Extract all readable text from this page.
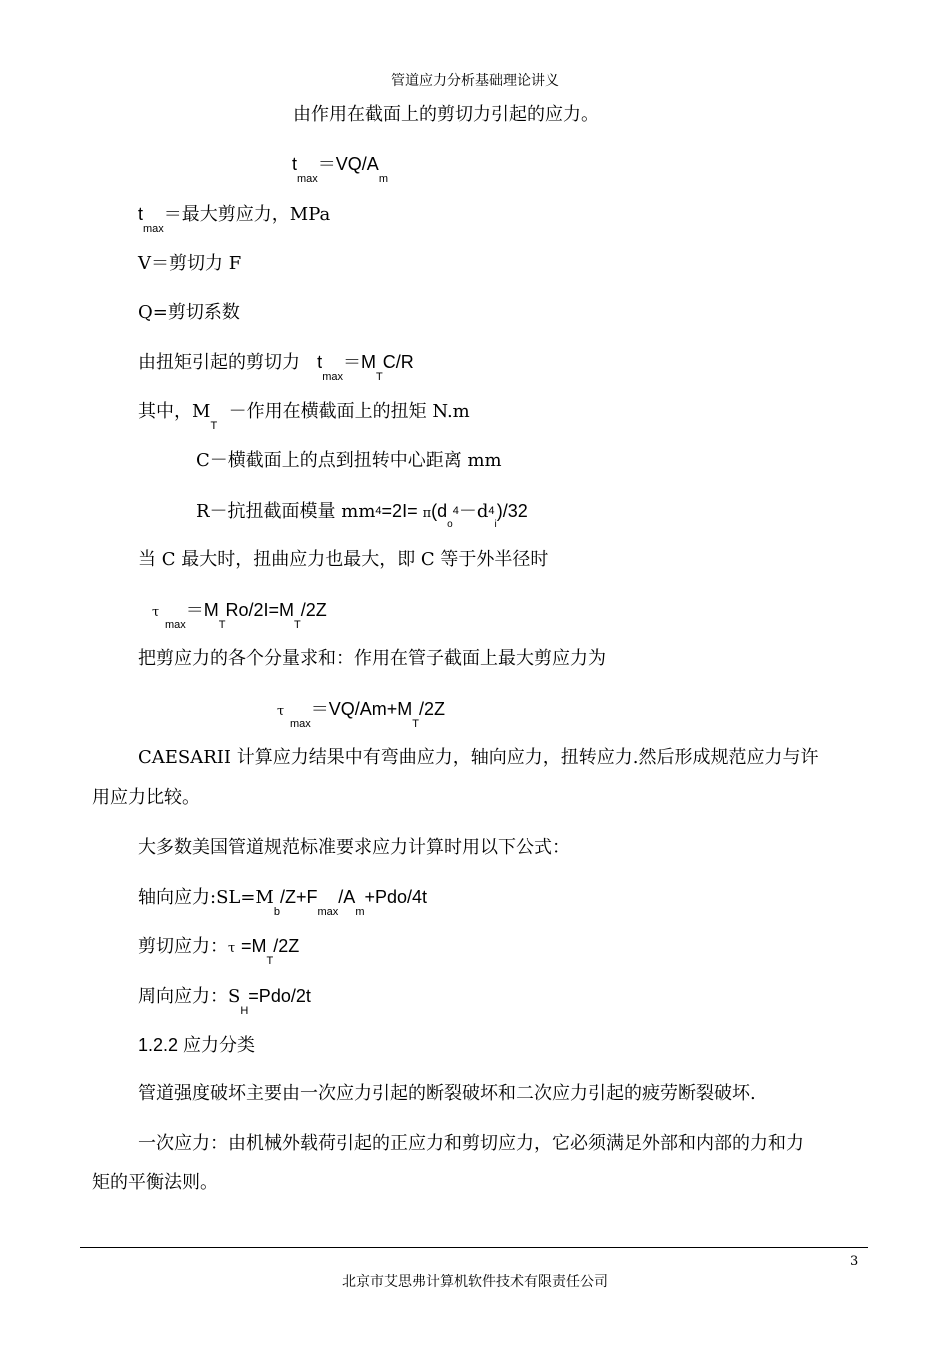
管道应力分析基础理论讲义
由作用在截面上的剪切力引起的应力。
$t_{max}=VQ/A_m$
$t_{max}=$最大剪应力，MPa
V＝剪切力 F
Q=剪切系数
由扭矩引起的剪切力 $t_{max}=M_TC/R$
其中，$M_T$  －作用在横截面上的扭矩 N.m
C－横截面上的点到扭转中心距离 mm
R－抗扭截面模量 $mm4=2I= \pi(d_o4-d4_i)/32$
当 C 最大时，扭曲应力也最大，即 C 等于外半径时
τ $_{max}=M_TRo/2I=M_T/2Z$
把剪应力的各个分量求和：作用在管子截面上最大剪应力为
τ $_{max}=VQ/Am+M_T/2Z$
CAESARII 计算应力结果中有弯曲应力，轴向应力，扭转应力.然后形成规范应力与许
用应力比较。
大多数美国管道规范标准要求应力计算时用以下公式：
轴向应力$:SL=M_b/Z+F_{max}/A_m+Pdo/4t$
剪切应力：$\tau =M_T/2Z$
周向应力：$S_H=Pdo/2t$
1.2.2 应力分类
管道强度破坏主要由一次应力引起的断裂破坏和二次应力引起的疲劳断裂破坏.
一次应力：由机械外载荷引起的正应力和剪切应力，它必须满足外部和内部的力和力
矩的平衡法则。
3
北京市艾思弗计算机软件技术有限责任公司
